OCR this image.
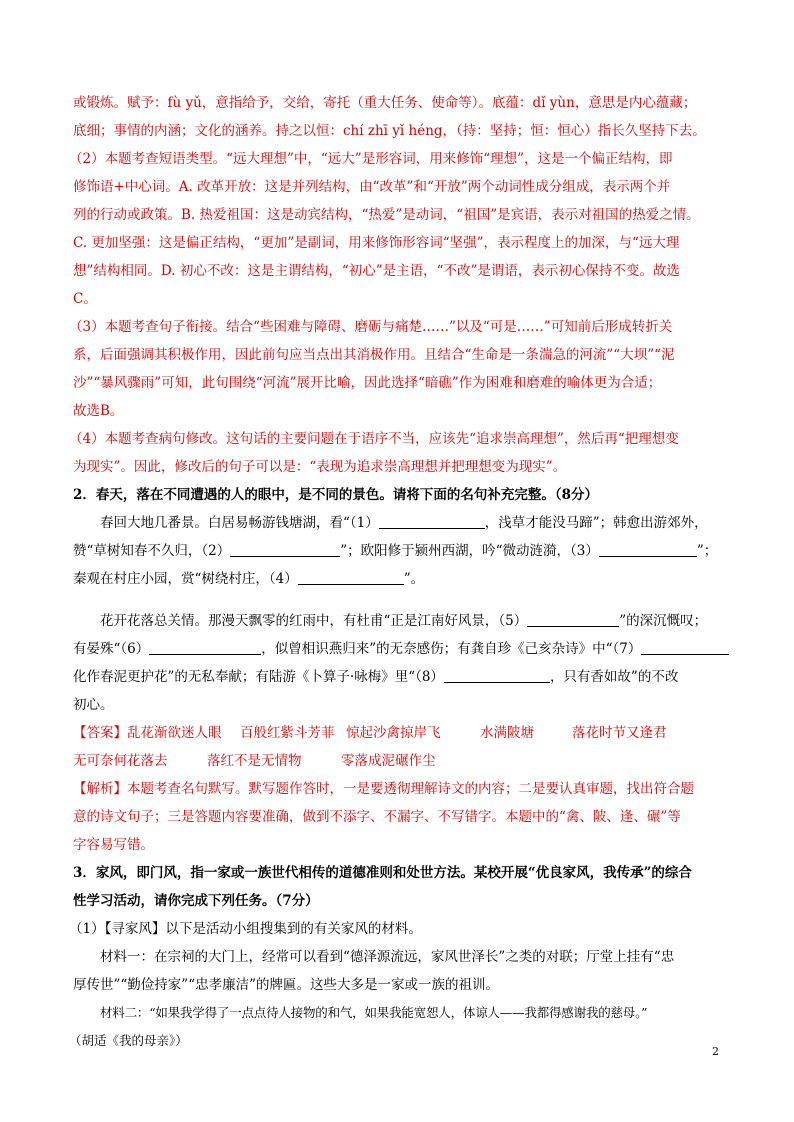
或锻炼。赋予：fù yǔ，意指给予，交给，寄托（重大任务、使命等）。底蕴：dǐ yùn，意思是内心蕴藏；
底细；事情的内涵；文化的涵养。持之以恒：chí zhī yǐ héng，（持：坚持；恒：恒心）指长久坚持下去。
（2）本题考查短语类型。“远大理想”中，“远大”是形容词，用来修饰“理想”，这是一个偏正结构，即
修饰语+中心词。A. 改革开放：这是并列结构，由“改革”和“开放”两个动词性成分组成，表示两个并
列的行动或政策。B. 热爱祖国：这是动宾结构，“热爱”是动词，“祖国”是宾语，表示对祖国的热爱之情。
C. 更加坚强：这是偏正结构，“更加”是副词，用来修饰形容词“坚强”，表示程度上的加深，与“远大理
想”结构相同。D. 初心不改：这是主谓结构，“初心”是主语，“不改”是谓语，表示初心保持不变。故选
C。
（3）本题考查句子衔接。结合“些困难与障碍、磨砺与痛楚……”以及“可是……”可知前后形成转折关
系，后面强调其积极作用，因此前句应当点出其消极作用。且结合“生命是一条湍急的河流”“大坝”“泥
沙”“暴风骤雨”可知，此句围绕“河流”展开比喻，因此选择“暗礁”作为困难和磨难的喻体更为合适；
故选B。
（4）本题考查病句修改。这句话的主要问题在于语序不当，应该先“追求崇高理想”，然后再“把理想变
为现实”。因此，修改后的句子可以是：“表现为追求崇高理想并把理想变为现实”。
2．春天，落在不同遭遇的人的眼中，是不同的景色。请将下面的名句补充完整。（8分）
春回大地几番景。白居易畅游钱塘湖，看“（1）	，浅草才能没马蹄”；韩愈出游郊外，
赞“草树知春不久归，（2）	”；欧阳修于颍州西湖，吟“微动涟漪，（3）	”；
秦观在村庄小园，赏“树绕村庄，（4）	”。
花开花落总关情。那漫天飘零的红雨中，有杜甫“正是江南好风景，（5）	”的深沉慨叹；
有晏殊“（6）	，似曾相识燕归来”的无奈感伤；有龚自珍《己亥杂诗》中“（7）
化作春泥更护花”的无私奉献；有陆游《卜算子·咏梅》里“（8）	，只有香如故”的不改
初心。
【答案】乱花渐欲迷人眼 百般红紫斗芳菲 惊起沙禽掠岸飞	水满陂塘	落花时节又逢君
无可奈何花落去	落红不是无情物	零落成泥碾作尘
【解析】本题考查名句默写。默写题作答时，一是要透彻理解诗文的内容；二是要认真审题，找出符合题
意的诗文句子；三是答题内容要准确，做到不添字、不漏字、不写错字。本题中的“禽、陂、逢、碾”等
字容易写错。
3．家风，即门风，指一家或一族世代相传的道德准则和处世方法。某校开展“优良家风，我传承”的综合
性学习活动，请你完成下列任务。（7分）
（1）【寻家风】以下是活动小组搜集到的有关家风的材料。
材料一：在宗祠的大门上，经常可以看到“德泽源流远，家风世泽长”之类的对联；厅堂上挂有“忠
厚传世”“勤俭持家”“忠孝廉洁”的牌匾。这些大多是一家或一族的祖训。
材料二：“如果我学得了一点点待人接物的和气，如果我能宽恕人，体谅人——我都得感谢我的慈母。”
（胡适《我的母亲》）
2
